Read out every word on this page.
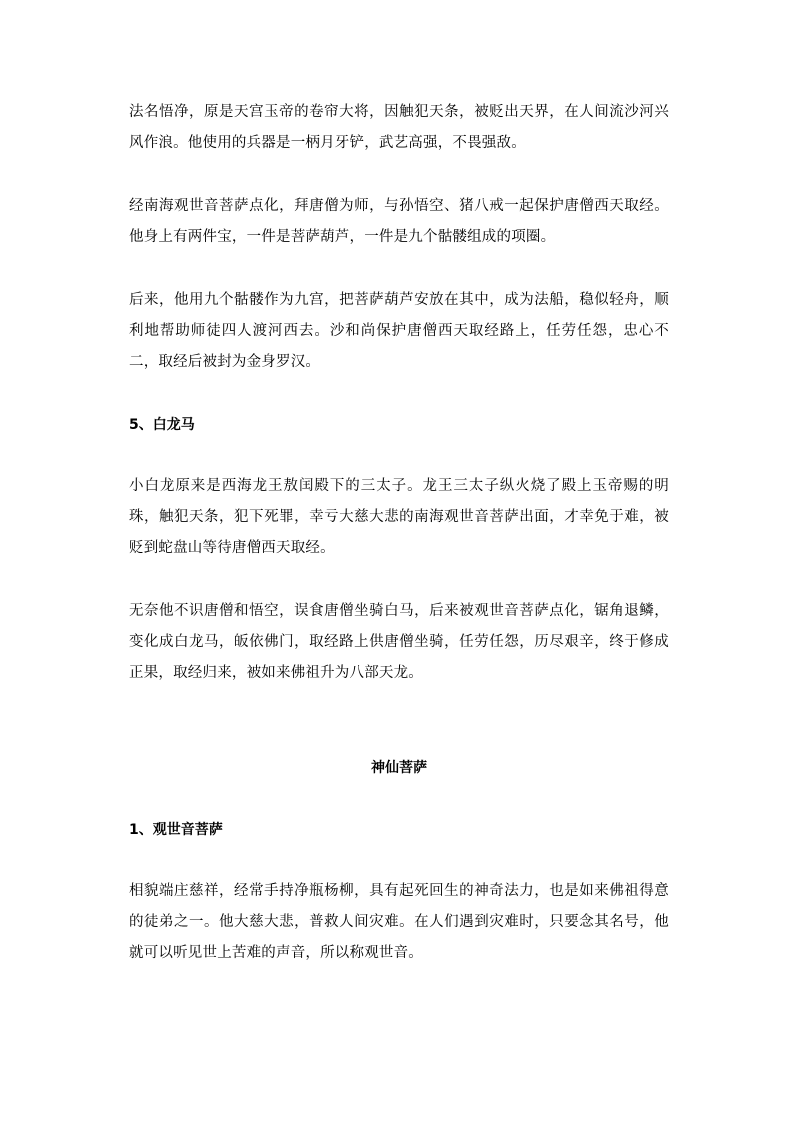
法名悟净，原是天宫玉帝的卷帘大将，因触犯天条，被贬出天界，在人间流沙河兴风作浪。他使用的兵器是一柄月牙铲，武艺高强，不畏强敌。

经南海观世音菩萨点化，拜唐僧为师，与孙悟空、猪八戒一起保护唐僧西天取经。他身上有两件宝，一件是菩萨葫芦，一件是九个骷髅组成的项圈。

后来，他用九个骷髅作为九宫，把菩萨葫芦安放在其中，成为法船，稳似轻舟，顺利地帮助师徒四人渡河西去。沙和尚保护唐僧西天取经路上，任劳任怨，忠心不二，取经后被封为金身罗汉。

5、白龙马

小白龙原来是西海龙王敖闰殿下的三太子。龙王三太子纵火烧了殿上玉帝赐的明珠，触犯天条，犯下死罪，幸亏大慈大悲的南海观世音菩萨出面，才幸免于难，被贬到蛇盘山等待唐僧西天取经。

无奈他不识唐僧和悟空，误食唐僧坐骑白马，后来被观世音菩萨点化，锯角退鳞，变化成白龙马，皈依佛门，取经路上供唐僧坐骑，任劳任怨，历尽艰辛，终于修成正果，取经归来，被如来佛祖升为八部天龙。

神仙菩萨

1、观世音菩萨

相貌端庄慈祥，经常手持净瓶杨柳，具有起死回生的神奇法力，也是如来佛祖得意的徒弟之一。他大慈大悲，普救人间灾难。在人们遇到灾难时，只要念其名号，他就可以听见世上苦难的声音，所以称观世音。
